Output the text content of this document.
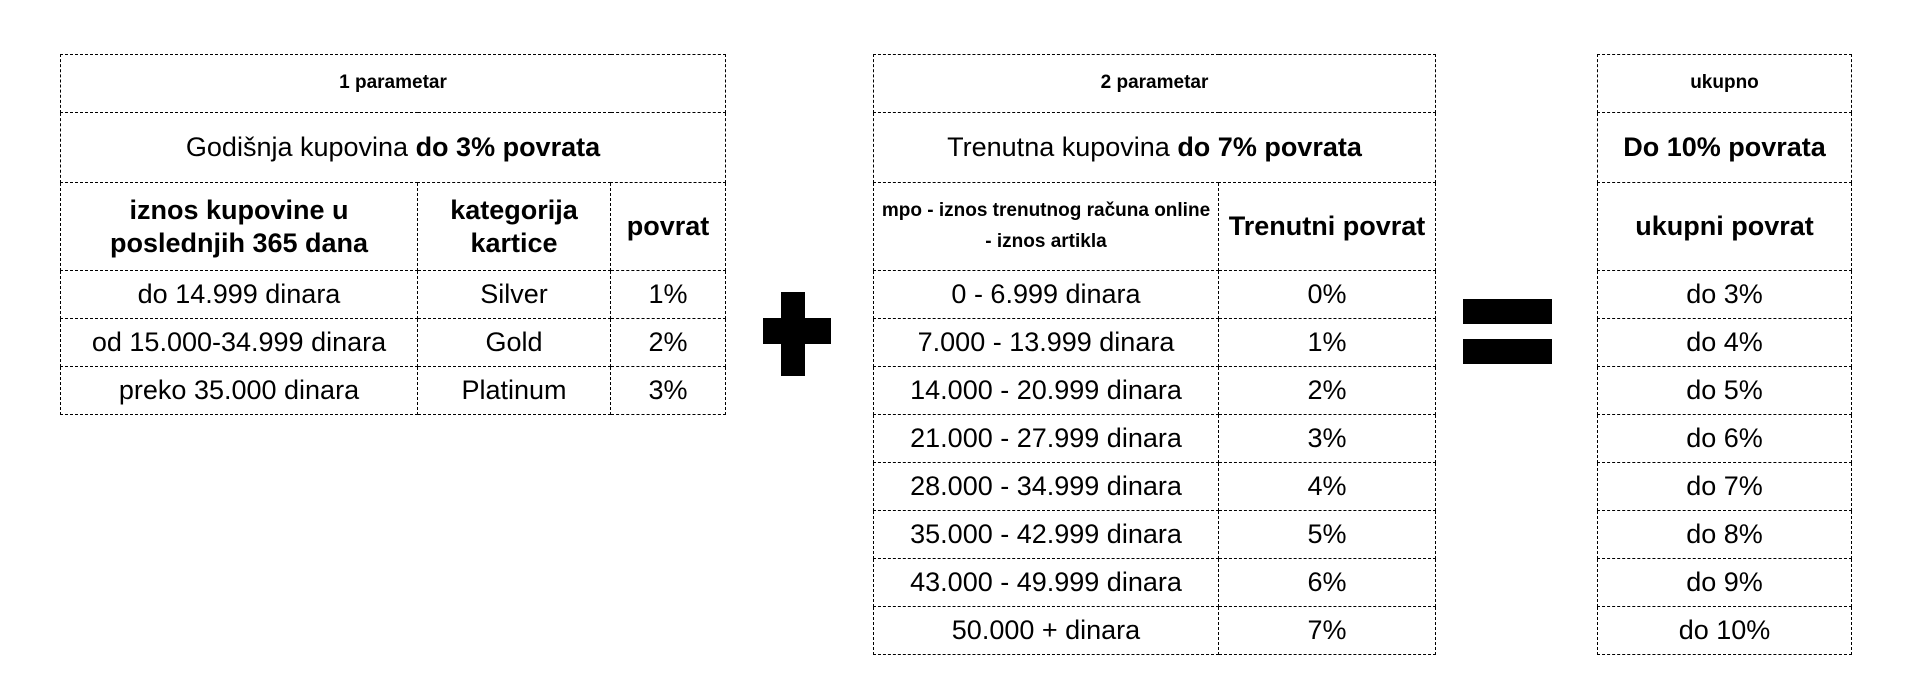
1 parametar		
Godišnja kupovina do 3% povrata		
iznos kupovine u poslednjih 365 dana	kategorija kartice	povrat
do 14.999 dinara	Silver	1%
od 15.000-34.999 dinara	Gold	2%
preko 35.000 dinara	Platinum	3%
2 parametar	
Trenutna kupovina do 7% povrata	
mpo - iznos trenutnog računa online - iznos artikla	Trenutni povrat
0 - 6.999 dinara	0%
7.000 - 13.999 dinara	1%
14.000 - 20.999 dinara	2%
21.000 - 27.999 dinara	3%
28.000 - 34.999 dinara	4%
35.000 - 42.999 dinara	5%
43.000 - 49.999 dinara	6%
50.000 + dinara	7%
ukupno
Do 10% povrata
ukupni povrat
do 3%
do 4%
do 5%
do 6%
do 7%
do 8%
do 9%
do 10%
